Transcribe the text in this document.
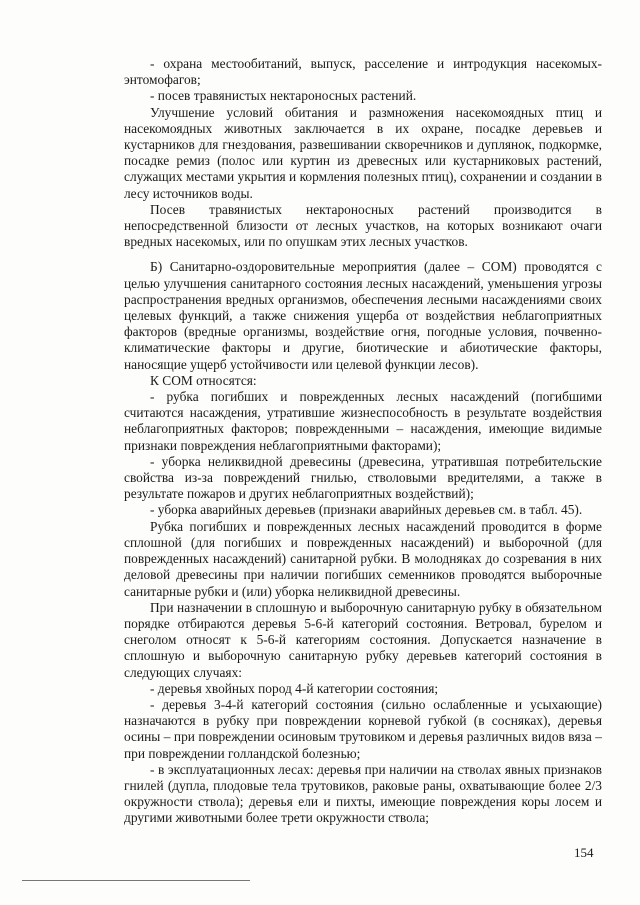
- охрана местообитаний, выпуск, расселение и интродукция насекомых-энтомофагов;

- посев травянистых нектароносных растений.

Улучшение условий обитания и размножения насекомоядных птиц и насекомоядных животных заключается в их охране, посадке деревьев и кустарников для гнездования, развешивании скворечников и дуплянок, подкормке, посадке ремиз (полос или куртин из древесных или кустарниковых растений, служащих местами укрытия и кормления полезных птиц), сохранении и создании в лесу источников воды.

Посев травянистых нектароносных растений производится в непосредственной близости от лесных участков, на которых возникают очаги вредных насекомых, или по опушкам этих лесных участков.

Б) Санитарно-оздоровительные мероприятия (далее – СОМ) проводятся с целью улучшения санитарного состояния лесных насаждений, уменьшения угрозы распространения вредных организмов, обеспечения лесными насаждениями своих целевых функций, а также снижения ущерба от воздействия неблагоприятных факторов (вредные организмы, воздействие огня, погодные условия, почвенно-климатические факторы и другие, биотические и абиотические факторы, наносящие ущерб устойчивости или целевой функции лесов).

К СОМ относятся:

- рубка погибших и поврежденных лесных насаждений (погибшими считаются насаждения, утратившие жизнеспособность в результате воздействия неблагоприятных факторов; поврежденными – насаждения, имеющие видимые признаки повреждения неблагоприятными факторами);

- уборка неликвидной древесины (древесина, утратившая потребительские свойства из-за повреждений гнилью, стволовыми вредителями, а также в результате пожаров и других неблагоприятных воздействий);

- уборка аварийных деревьев (признаки аварийных деревьев см. в табл. 45).

Рубка погибших и поврежденных лесных насаждений проводится в форме сплошной (для погибших и поврежденных насаждений) и выборочной (для поврежденных насаждений) санитарной рубки. В молодняках до созревания в них деловой древесины при наличии погибших семенников проводятся выборочные санитарные рубки и (или) уборка неликвидной древесины.

При назначении в сплошную и выборочную санитарную рубку в обязательном порядке отбираются деревья 5-6-й категорий состояния. Ветровал, бурелом и снеголом относят к 5-6-й категориям состояния. Допускается назначение в сплошную и выборочную санитарную рубку деревьев категорий состояния в следующих случаях:

- деревья хвойных пород 4-й категории состояния;

- деревья 3-4-й категорий состояния (сильно ослабленные и усыхающие) назначаются в рубку при повреждении корневой губкой (в сосняках), деревья осины – при повреждении осиновым трутовиком и деревья различных видов вяза – при повреждении голландской болезнью;

- в эксплуатационных лесах: деревья при наличии на стволах явных признаков гнилей (дупла, плодовые тела трутовиков, раковые раны, охватывающие более 2/3 окружности ствола); деревья ели и пихты, имеющие повреждения коры лосем и другими животными более трети окружности ствола;

154
